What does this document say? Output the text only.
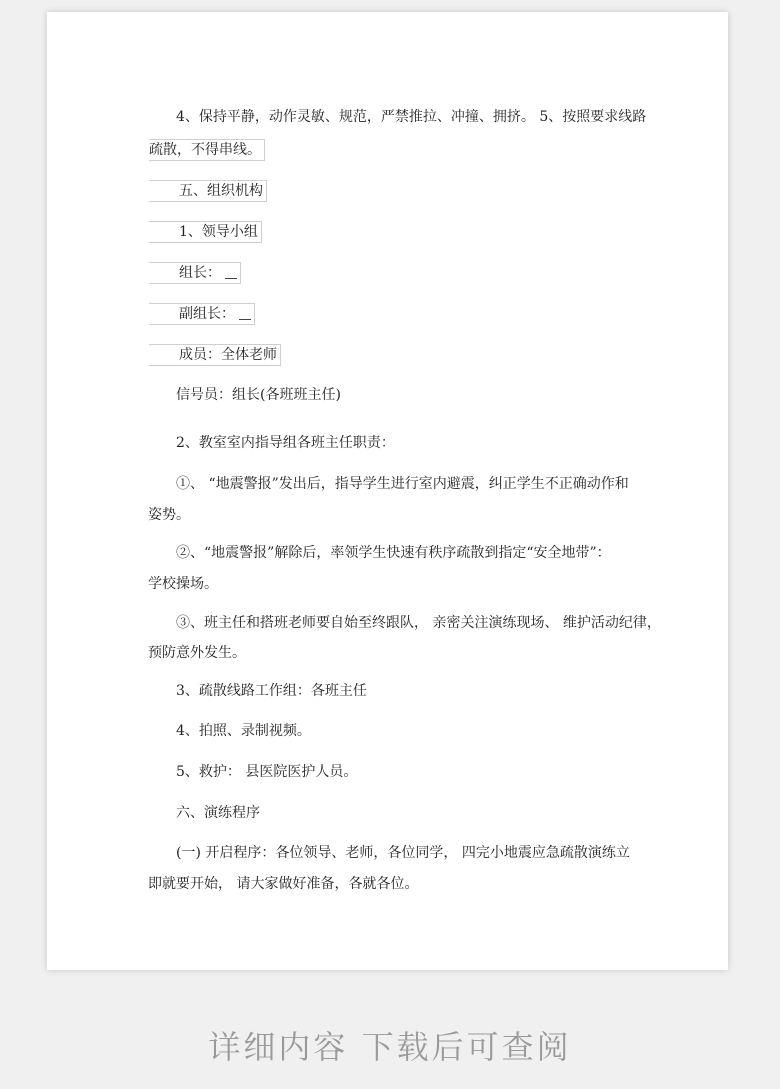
4、保持平静，动作灵敏、规范，严禁推拉、冲撞、拥挤。 5、按照要求线路

疏散，不得串线。
五、组织机构
1、领导小组
组长：
副组长：
成员：全体老师

信号员：组长(各班班主任)

2、教室室内指导组各班主任职责：

①、 “地震警报”发出后，指导学生进行室内避震，纠正学生不正确动作和

姿势。

②、“地震警报”解除后，率领学生快速有秩序疏散到指定“安全地带”：

学校操场。

③、班主任和搭班老师要自始至终跟队， 亲密关注演练现场、 维护活动纪律，

预防意外发生。

3、疏散线路工作组：各班主任

4、拍照、录制视频。

5、救护： 县医院医护人员。

六、演练程序

(一) 开启程序：各位领导、老师，各位同学， 四完小地震应急疏散演练立

即就要开始， 请大家做好准备，各就各位。

详细内容 下载后可查阅
